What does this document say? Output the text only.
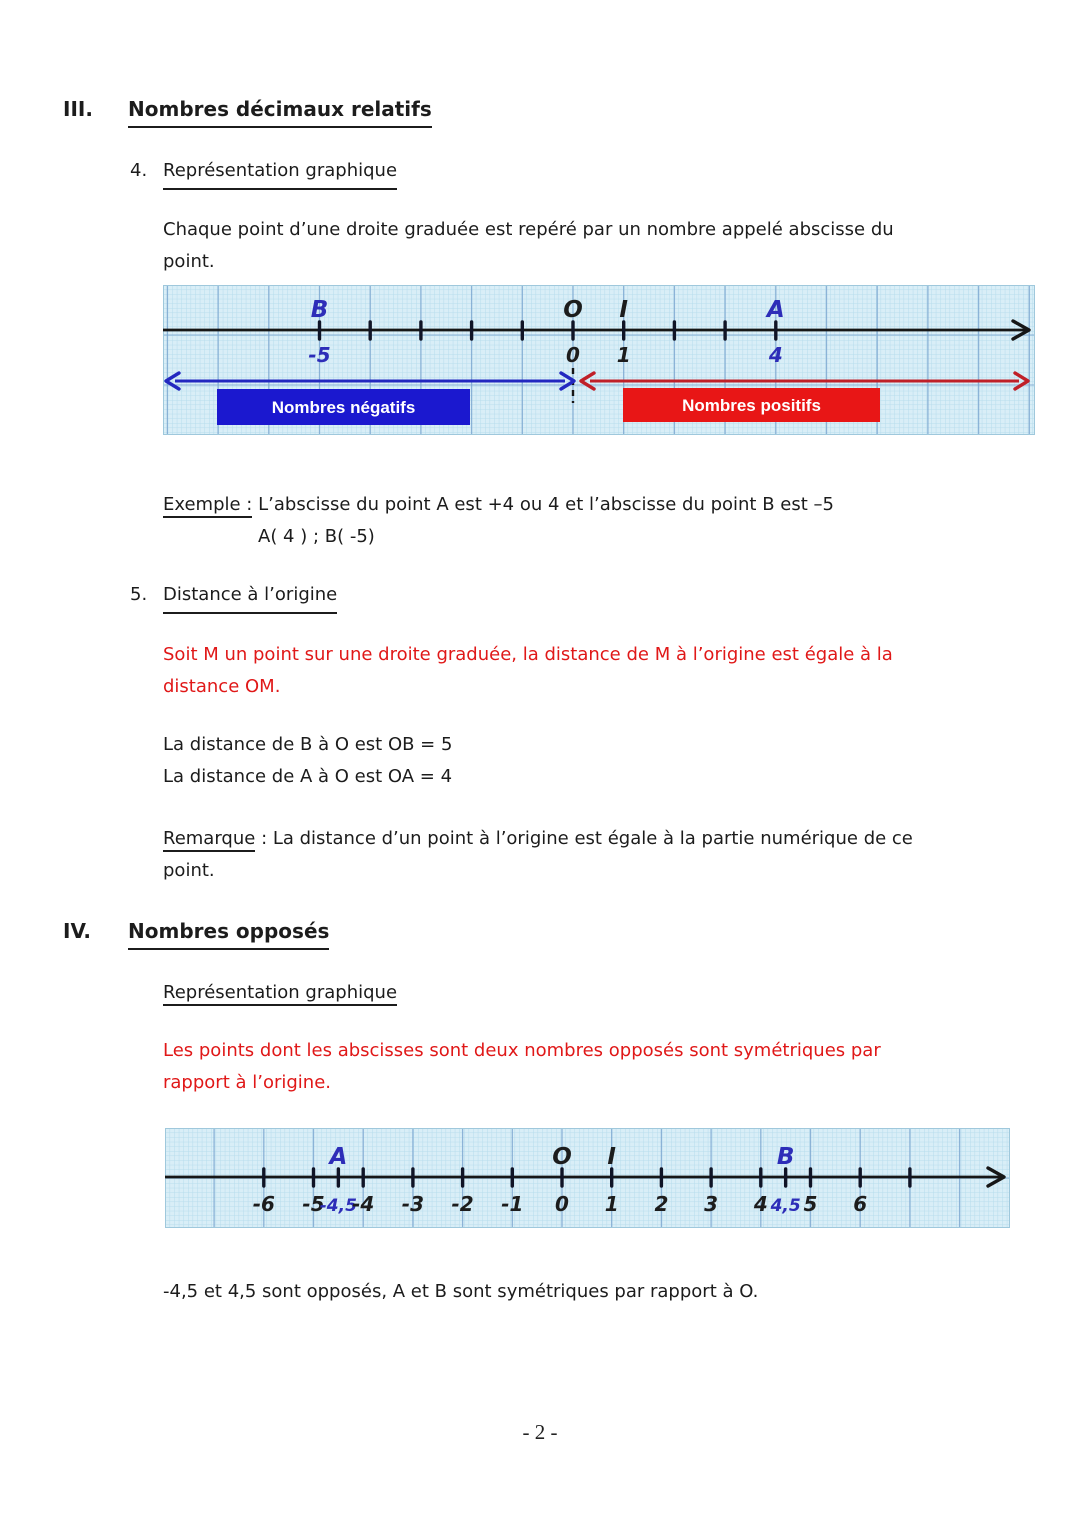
III.	Nombres décimaux relatifs
4. Représentation graphique
Chaque point d’une droite graduée est repéré par un nombre appelé abscisse du
point.
Nombres négatifs	Nombres positifs
-5
B
0
O
1
I
4
A
Exemple : L’abscisse du point A est +4 ou 4 et l’abscisse du point B est –5
A( 4 ) ; B( -5)
5. Distance à l’origine
Soit M un point sur une droite graduée, la distance de M à l’origine est égale à la
distance OM.
La distance de B à O est OB = 5
La distance de A à O est OA = 4
Remarque : La distance d’un point à l’origine est égale à la partie numérique de ce
point.
IV.	Nombres opposés
Représentation graphique
Les points dont les abscisses sont deux nombres opposés sont symétriques par
rapport à l’origine.
-6 -5
-4,5
A
-4 -3 -2 -1 0
O
1
I
2 3 4 4,5
B
5 6
-4,5 et 4,5 sont opposés, A et B sont symétriques par rapport à O.
- 2 -
